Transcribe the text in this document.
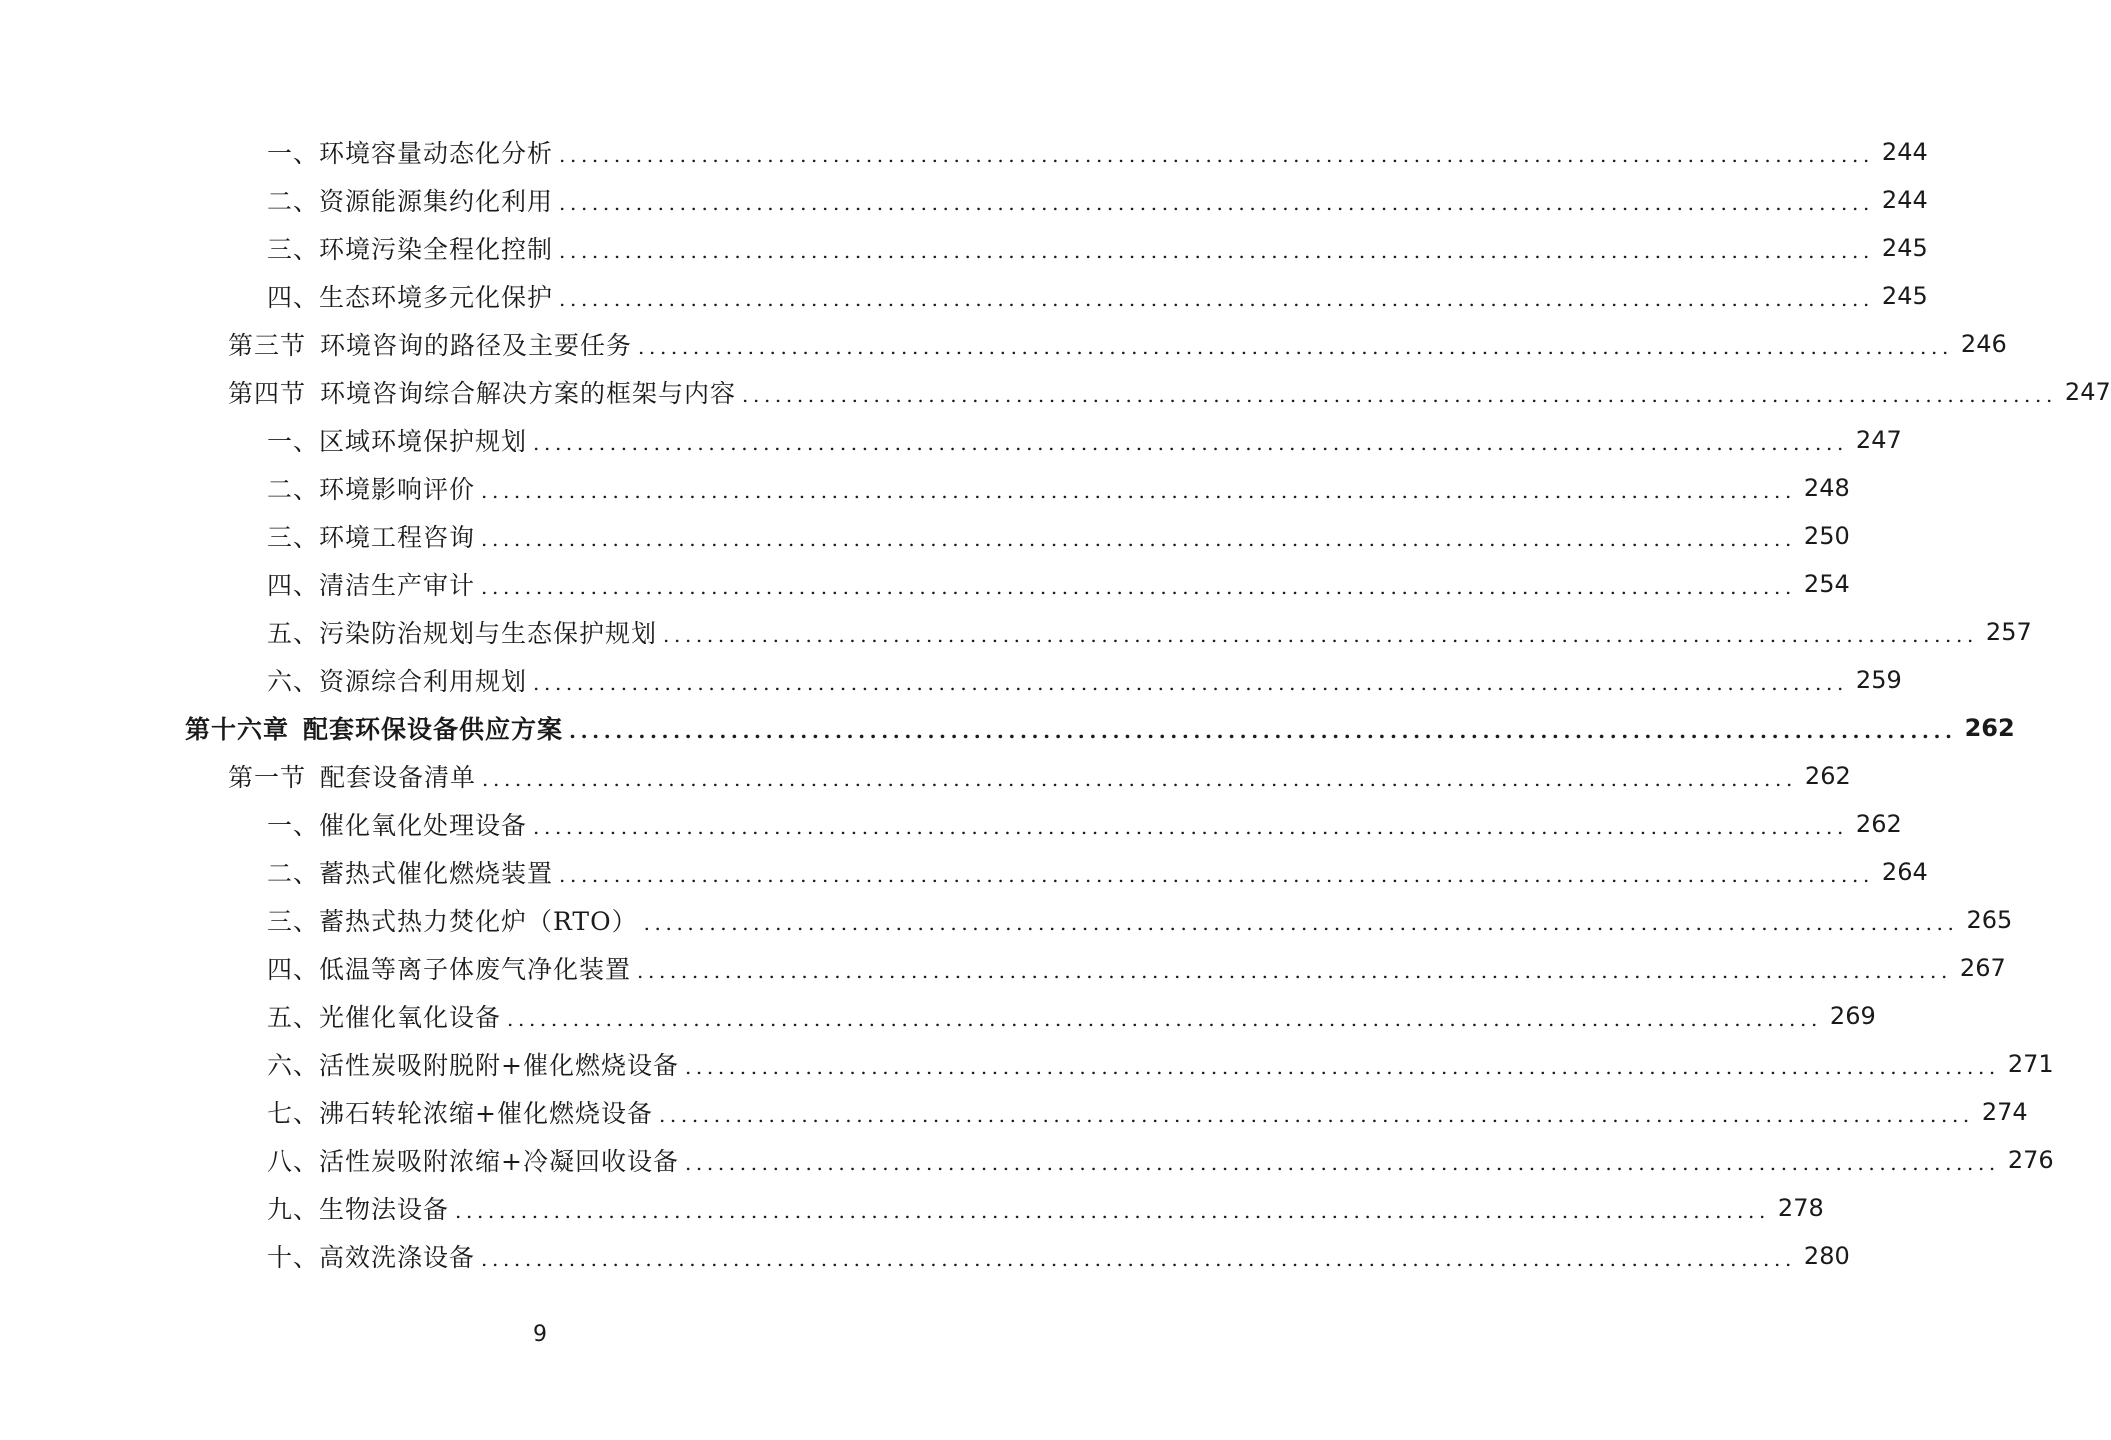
一、环境容量动态化分析 ........................................................................................................................ 244
二、资源能源集约化利用 ........................................................................................................................ 244
三、环境污染全程化控制 ........................................................................................................................ 245
四、生态环境多元化保护 ........................................................................................................................ 245
第三节 环境咨询的路径及主要任务 ........................................................................................................................ 246
第四节 环境咨询综合解决方案的框架与内容 ........................................................................................................................ 247
一、区域环境保护规划 ........................................................................................................................ 247
二、环境影响评价 ........................................................................................................................ 248
三、环境工程咨询 ........................................................................................................................ 250
四、清洁生产审计 ........................................................................................................................ 254
五、污染防治规划与生态保护规划 ........................................................................................................................ 257
六、资源综合利用规划 ........................................................................................................................ 259
第十六章 配套环保设备供应方案 ........................................................................................................................ 262
第一节 配套设备清单 ........................................................................................................................ 262
一、催化氧化处理设备 ........................................................................................................................ 262
二、蓄热式催化燃烧装置 ........................................................................................................................ 264
三、蓄热式热力焚化炉（RTO） ........................................................................................................................ 265
四、低温等离子体废气净化装置 ........................................................................................................................ 267
五、光催化氧化设备 ........................................................................................................................ 269
六、活性炭吸附脱附+催化燃烧设备 ........................................................................................................................ 271
七、沸石转轮浓缩+催化燃烧设备 ........................................................................................................................ 274
八、活性炭吸附浓缩+冷凝回收设备 ........................................................................................................................ 276
九、生物法设备 ........................................................................................................................ 278
十、高效洗涤设备 ........................................................................................................................ 280
9
